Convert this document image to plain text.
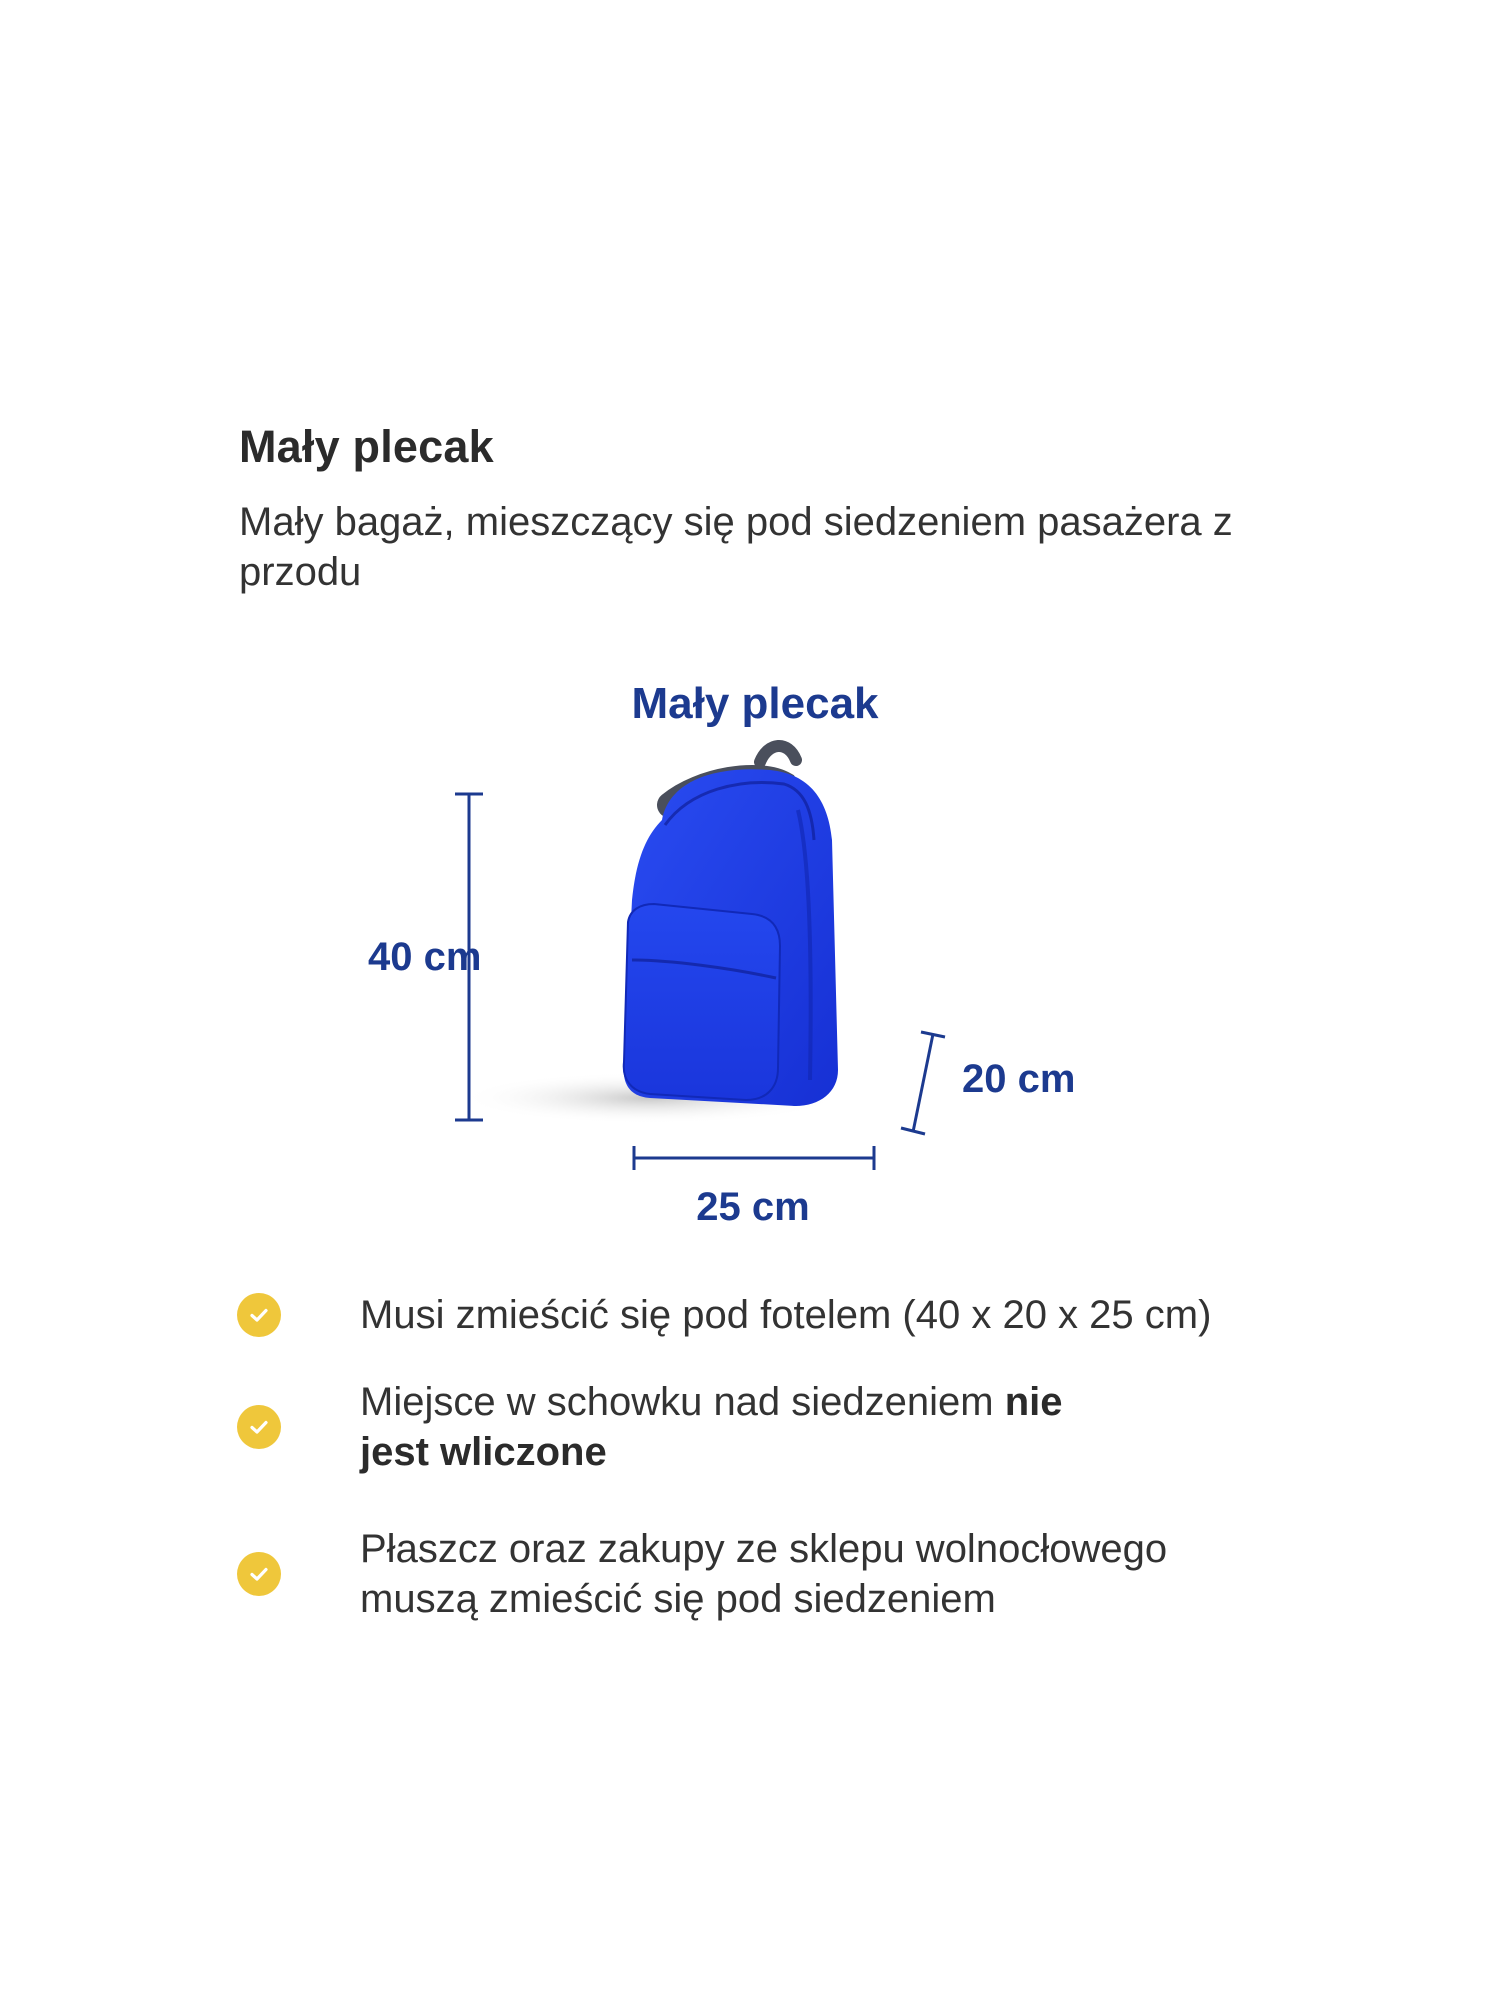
Mały plecak

Mały bagaż, mieszczący się pod siedzeniem pasażera z przodu

Mały plecak
40 cm
25 cm
20 cm
Musi zmieścić się pod fotelem (40 x 20 x 25 cm)
Miejsce w schowku nad siedzeniem nie jest wliczone
Płaszcz oraz zakupy ze sklepu wolnocłowego muszą zmieścić się pod siedzeniem
